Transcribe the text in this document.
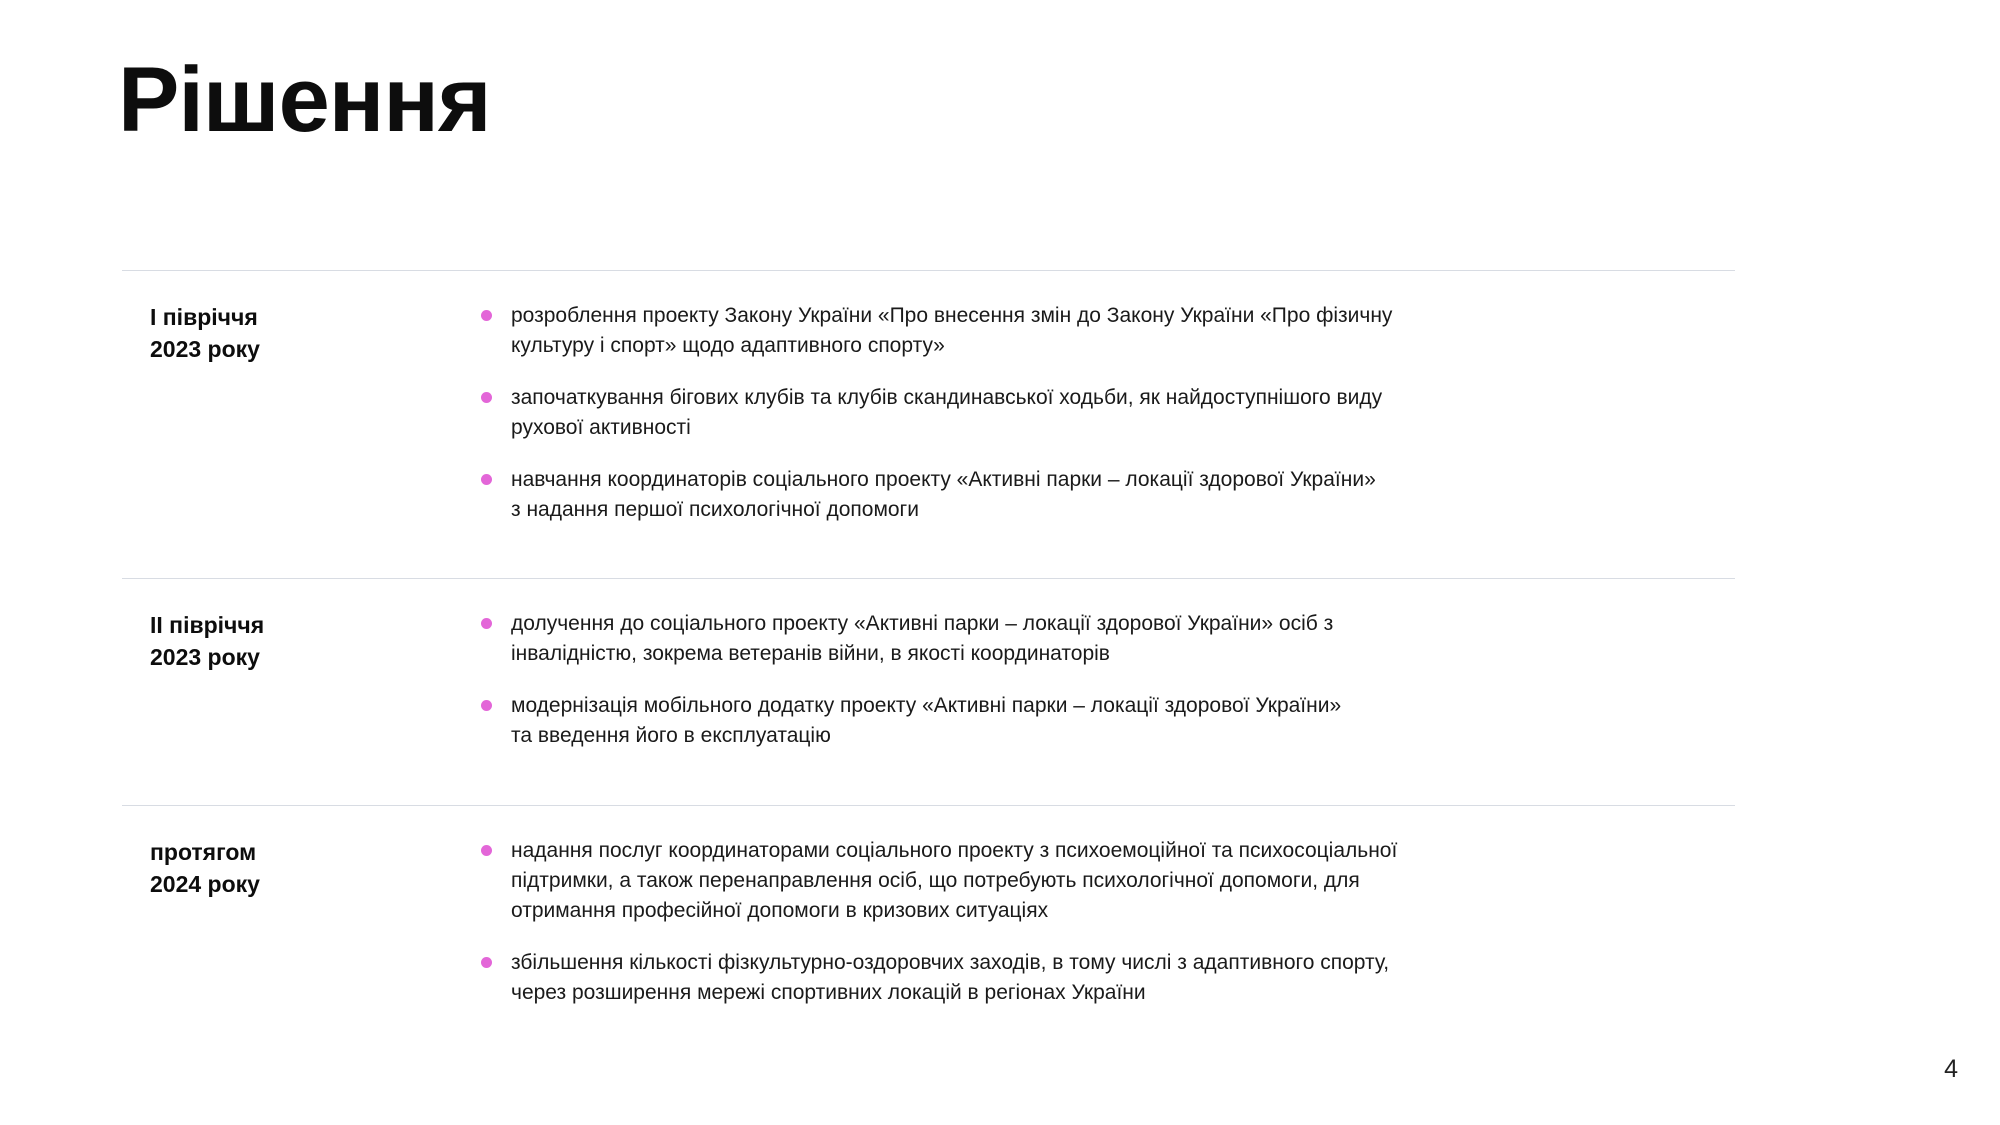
Рішення
І півріччя
2023 року
розроблення проекту Закону України «Про внесення змін до Закону України «Про фізичну
культуру і спорт» щодо адаптивного спорту»
започаткування бігових клубів та клубів скандинавської ходьби, як найдоступнішого виду
рухової активності
навчання координаторів соціального проекту «Активні парки – локації здорової України»
з надання першої психологічної допомоги
ІІ півріччя
2023 року
долучення до соціального проекту «Активні парки – локації здорової України» осіб з
інвалідністю, зокрема ветеранів війни, в якості координаторів
модернізація мобільного додатку проекту «Активні парки – локації здорової України»
та введення його в експлуатацію
протягом
2024 року
надання послуг координаторами соціального проекту з психоемоційної та психосоціальної
підтримки, а також перенаправлення осіб, що потребують психологічної допомоги, для
отримання професійної допомоги в кризових ситуаціях
збільшення кількості фізкультурно-оздоровчих заходів, в тому числі з адаптивного спорту,
через розширення мережі спортивних локацій в регіонах України
4
